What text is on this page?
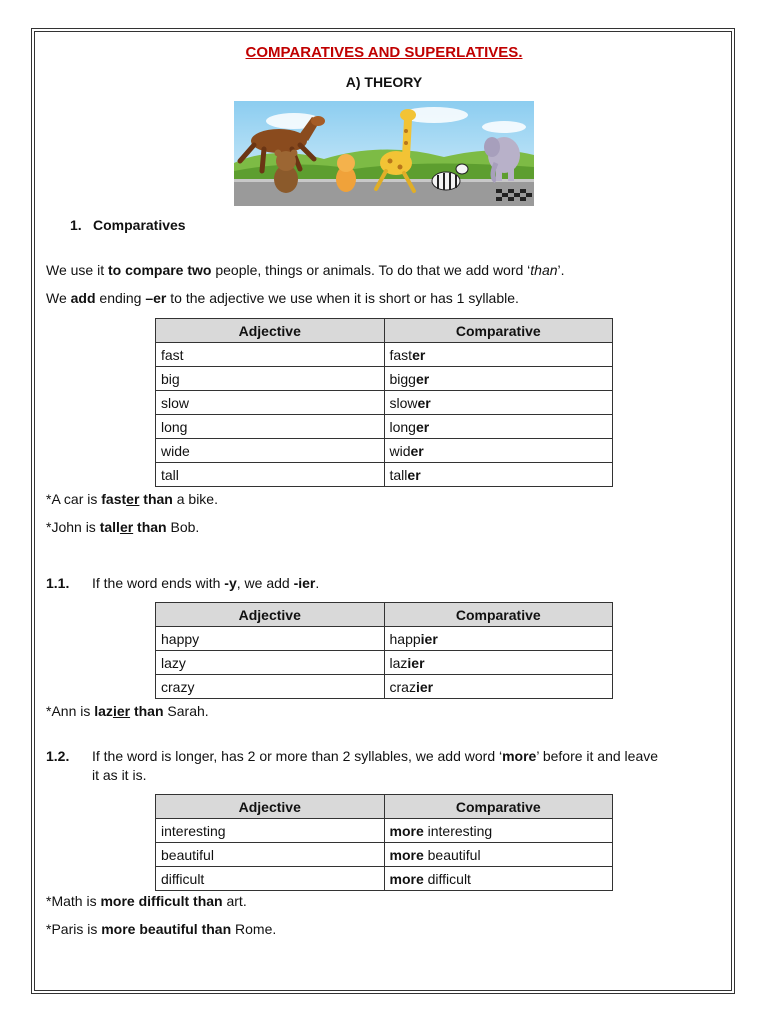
COMPARATIVES AND SUPERLATIVES.
A) THEORY
1. Comparatives
We use it to compare two people, things or animals. To do that we add word ‘than’.
We add ending –er to the adjective we use when it is short or has 1 syllable.
Adjective	Comparative
fast	faster
big	bigger
slow	slower
long	longer
wide	wider
tall	taller
*A car is faster than a bike.
*John is taller than Bob.
1.1. If the word ends with -y, we add -ier.
Adjective	Comparative
happy	happier
lazy	lazier
crazy	crazier
*Ann is lazier than Sarah.
1.2. If the word is longer, has 2 or more than 2 syllables, we add word ‘more’ before it and leave
it as it is.
Adjective	Comparative
interesting	more interesting
beautiful	more beautiful
difficult	more difficult
*Math is more difficult than art.
*Paris is more beautiful than Rome.
